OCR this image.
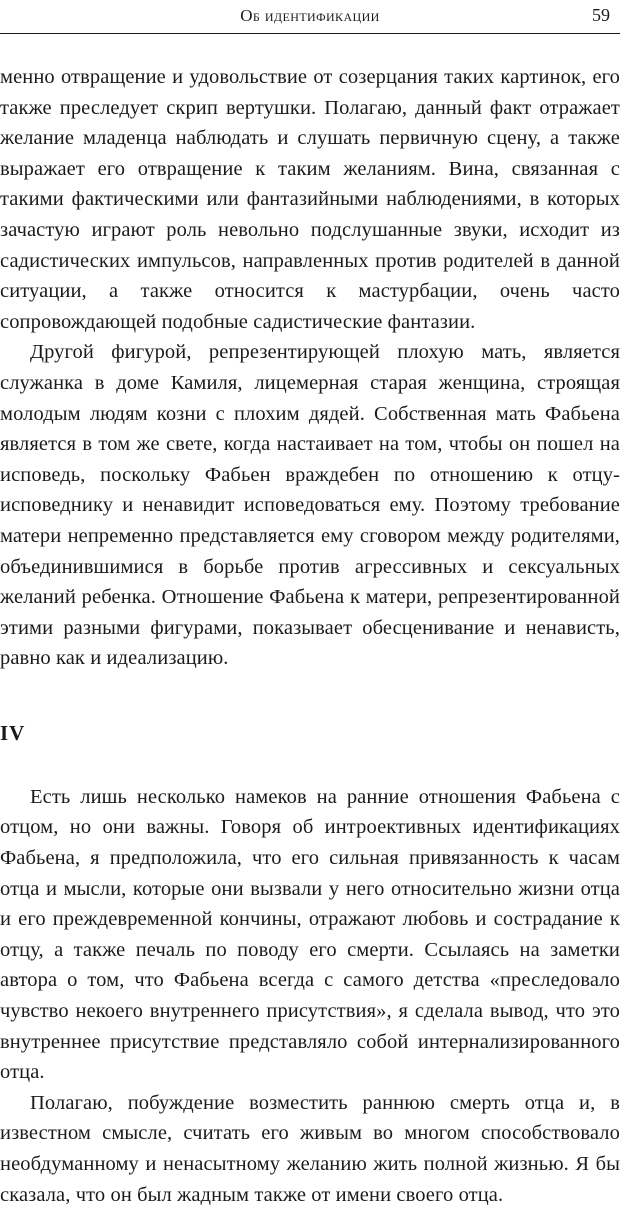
Об идентификации	59

менно отвращение и удовольствие от созерцания таких картинок, его также преследует скрип вертушки. Полагаю, данный факт отражает желание младенца наблюдать и слушать первичную сцену, а также выражает его отвращение к таким желаниям. Вина, связанная с такими фактическими или фантазийными наблюдениями, в которых зачастую играют роль невольно подслушанные звуки, исходит из садистических импульсов, направленных против родителей в данной ситуации, а также относится к мастурбации, очень часто сопровождающей подобные садистические фантазии.

Другой фигурой, репрезентирующей плохую мать, является служанка в доме Камиля, лицемерная старая женщина, строящая молодым людям козни с плохим дядей. Собственная мать Фабьена является в том же свете, когда настаивает на том, чтобы он пошел на исповедь, поскольку Фабьен враждебен по отношению к отцу-исповеднику и ненавидит исповедоваться ему. Поэтому требование матери непременно представляется ему сговором между родителями, объединившимися в борьбе против агрессивных и сексуальных желаний ребенка. Отношение Фабьена к матери, репрезентированной этими разными фигурами, показывает обесценивание и ненависть, равно как и идеализацию.

IV

Есть лишь несколько намеков на ранние отношения Фабьена с отцом, но они важны. Говоря об интроективных идентификациях Фабьена, я предположила, что его сильная привязанность к часам отца и мысли, которые они вызвали у него относительно жизни отца и его преждевременной кончины, отражают любовь и сострадание к отцу, а также печаль по поводу его смерти. Ссылаясь на заметки автора о том, что Фабьена всегда с самого детства «преследовало чувство некоего внутреннего присутствия», я сделала вывод, что это внутреннее присутствие представляло собой интернализированного отца.

Полагаю, побуждение возместить раннюю смерть отца и, в известном смысле, считать его живым во многом способствовало необдуманному и ненасытному желанию жить полной жизнью. Я бы сказала, что он был жадным также от имени своего отца.
